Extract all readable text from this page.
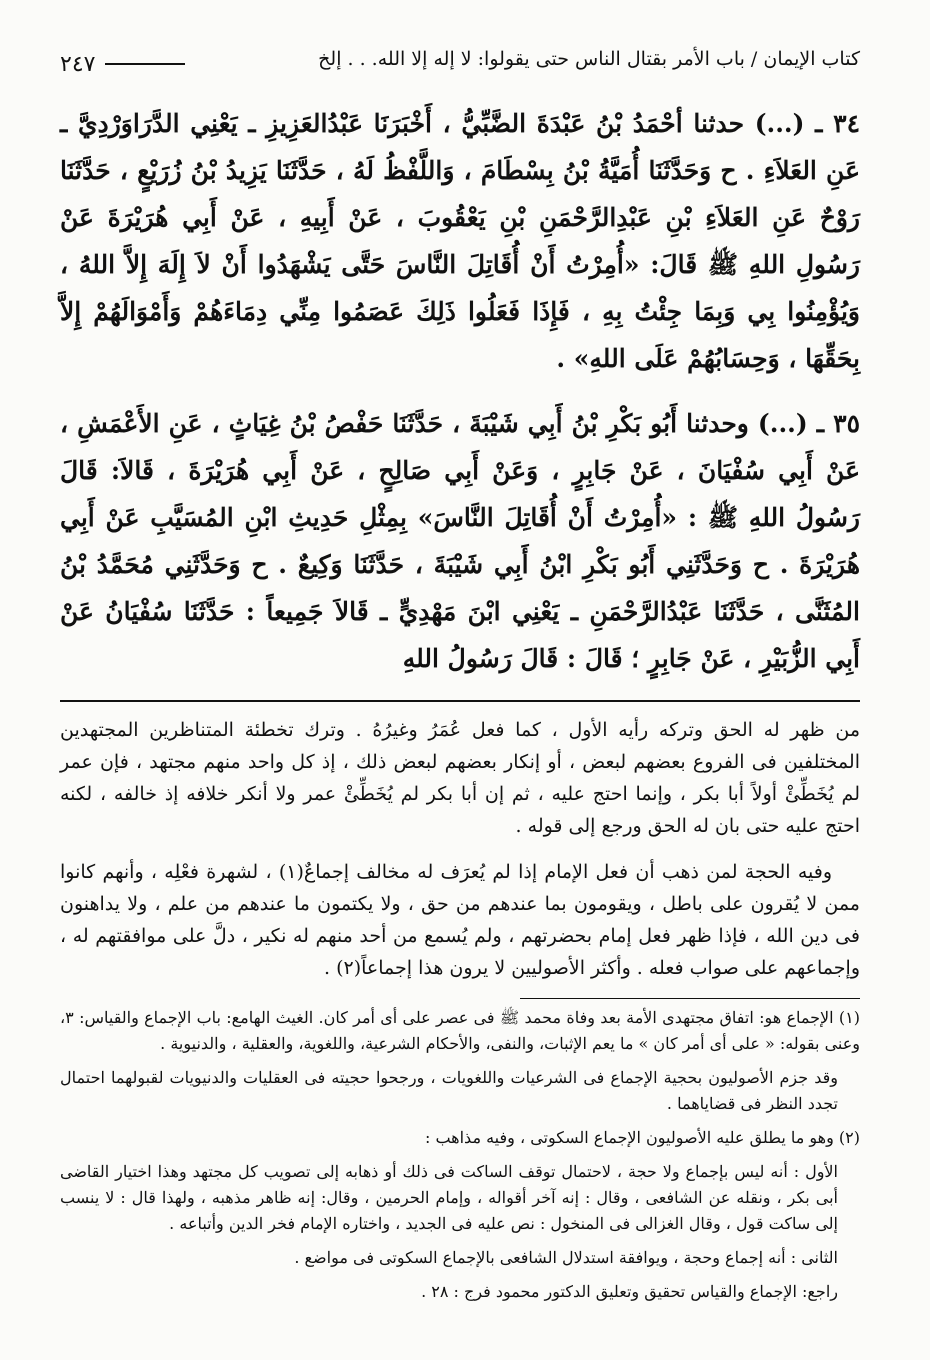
كتاب الإيمان / باب الأمر بقتال الناس حتى يقولوا: لا إله إلا الله. . . إلخ
٢٤٧

٣٤ ـ (...) حدثنا أحْمَدُ بْنُ عَبْدَةَ الضَّبِّيُّ ، أَخْبَرَنَا عَبْدُالعَزِيزِ ـ يَعْنِي الدَّرَاوَرْدِيَّ ـ عَنِ العَلاَءِ . ح وَحَدَّثَنَا أُمَيَّةُ بْنُ بِسْطَامَ ، وَاللَّفْظُ لَهُ ، حَدَّثَنَا يَزِيدُ بْنُ زُرَيْعٍ ، حَدَّثَنَا رَوْحٌ عَنِ العَلاَءِ بْنِ عَبْدِالرَّحْمَنِ بْنِ يَعْقُوبَ ، عَنْ أَبِيهِ ، عَنْ أَبِي هُرَيْرَةَ عَنْ رَسُولِ اللهِ ﷺ قَالَ: «أُمِرْتُ أَنْ أُقَاتِلَ النَّاسَ حَتَّى يَشْهَدُوا أَنْ لاَ إِلَهَ إِلاَّ اللهُ ، وَيُؤْمِنُوا بِي وَبِمَا جِئْتُ بِهِ ، فَإِذَا فَعَلُوا ذَلِكَ عَصَمُوا مِنِّي دِمَاءَهُمْ وَأَمْوَالَهُمْ إِلاَّ بِحَقِّهَا ، وَحِسَابُهُمْ عَلَى اللهِ» .

٣٥ ـ (...) وحدثنا أَبُو بَكْرِ بْنُ أَبِي شَيْبَةَ ، حَدَّثَنَا حَفْصُ بْنُ غِيَاثٍ ، عَنِ الأَعْمَشِ ، عَنْ أَبِي سُفْيَانَ ، عَنْ جَابِرٍ ، وَعَنْ أَبِي صَالِحٍ ، عَنْ أَبِي هُرَيْرَةَ ، قَالاَ: قَالَ رَسُولُ اللهِ ﷺ : «أُمِرْتُ أَنْ أُقَاتِلَ النَّاسَ» بِمِثْلِ حَدِيثِ ابْنِ المُسَيَّبِ عَنْ أَبِي هُرَيْرَةَ . ح وَحَدَّثَنِي أَبُو بَكْرِ ابْنُ أَبِي شَيْبَةَ ، حَدَّثَنَا وَكِيعٌ . ح وَحَدَّثَنِي مُحَمَّدُ بْنُ المُثَنَّى ، حَدَّثَنَا عَبْدُالرَّحْمَنِ ـ يَعْنِي ابْنَ مَهْدِيٍّ ـ قَالاَ جَمِيعاً : حَدَّثَنَا سُفْيَانُ عَنْ أَبِي الزُّبَيْرِ ، عَنْ جَابِرٍ ؛ قَالَ : قَالَ رَسُولُ اللهِ

من ظهر له الحق وتركه رأيه الأول ، كما فعل عُمَرُ وغيرُهُ . وترك تخطئة المتناظرين المجتهدين المختلفين فى الفروع بعضهم لبعض ، أو إنكار بعضهم لبعض ذلك ، إذ كل واحد منهم مجتهد ، فإن عمر لم يُخَطِّئْ أولاً أبا بكر ، وإنما احتج عليه ، ثم إن أبا بكر لم يُخَطِّئْ عمر ولا أنكر خلافه إذ خالفه ، لكنه احتج عليه حتى بان له الحق ورجع إلى قوله .

وفيه الحجة لمن ذهب أن فعل الإمام إذا لم يُعرَف له مخالف إجماعٌ(١) ، لشهرة فعْلِه ، وأنهم كانوا ممن لا يُقرون على باطل ، ويقومون بما عندهم من حق ، ولا يكتمون ما عندهم من علم ، ولا يداهنون فى دين الله ، فإذا ظهر فعل إمام بحضرتهم ، ولم يُسمع من أحد منهم له نكير ، دلَّ على موافقتهم له ، وإجماعهم على صواب فعله . وأكثر الأصوليين لا يرون هذا إجماعاً(٢) .

(١) الإجماع هو: اتفاق مجتهدى الأمة بعد وفاة محمد ﷺ فى عصر على أى أمر كان. الغيث الهامع: باب الإجماع والقياس: ٣، وعنى بقوله: « على أى أمر كان » ما يعم الإثبات، والنفى، والأحكام الشرعية، واللغوية، والعقلية ، والدنيوية .

وقد جزم الأصوليون بحجية الإجماع فى الشرعيات واللغويات ، ورجحوا حجيته فى العقليات والدنيويات لقبولهما احتمال تجدد النظر فى قضاياهما .

(٢) وهو ما يطلق عليه الأصوليون الإجماع السكوتى ، وفيه مذاهب :

الأول : أنه ليس بإجماع ولا حجة ، لاحتمال توقف الساكت فى ذلك أو ذهابه إلى تصويب كل مجتهد وهذا اختيار القاضى أبى بكر ، ونقله عن الشافعى ، وقال : إنه آخر أقواله ، وإمام الحرمين ، وقال: إنه ظاهر مذهبه ، ولهذا قال : لا ينسب إلى ساكت قول ، وقال الغزالى فى المنخول : نص عليه فى الجديد ، واختاره الإمام فخر الدين وأتباعه .

الثانى : أنه إجماع وحجة ، ويوافقة استدلال الشافعى بالإجماع السكوتى فى مواضع .

راجع: الإجماع والقياس تحقيق وتعليق الدكتور محمود فرج : ٢٨ .
